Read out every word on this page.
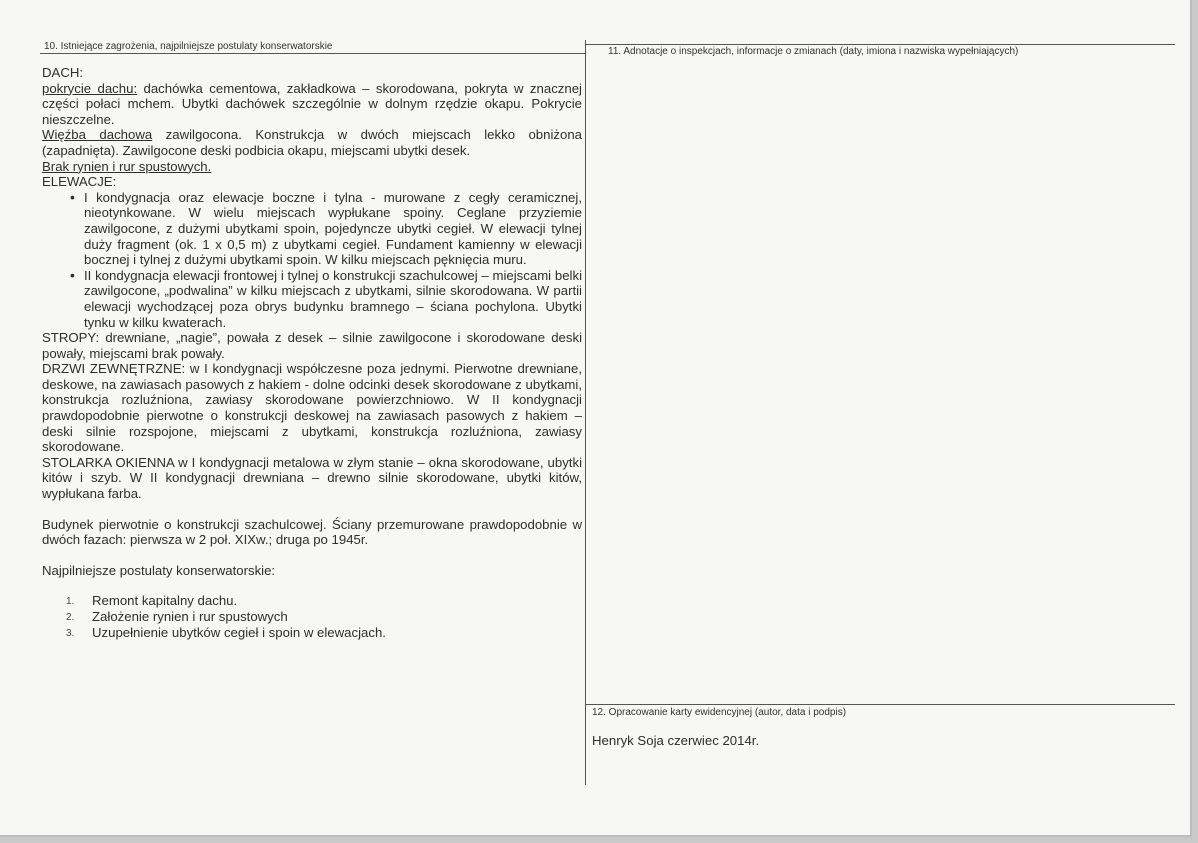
10. Istniejące zagrożenia, najpilniejsze postulaty konserwatorskie	11. Adnotacje o inspekcjach, informacje o zmianach (daty, imiona i nazwiska wypełniających)
12. Opracowanie karty ewidencyjnej (autor, data i podpis)

DACH:

pokrycie dachu: dachówka cementowa, zakładkowa – skorodowana, pokryta w znacznej części połaci mchem. Ubytki dachówek szczególnie w dolnym rzędzie okapu. Pokrycie nieszczelne.

Więźba dachowa zawilgocona. Konstrukcja w dwóch miejscach lekko obniżona (zapadnięta). Zawilgocone deski podbicia okapu, miejscami ubytki desek.

Brak rynien i rur spustowych.

ELEWACJE:

• I kondygnacja oraz elewacje boczne i tylna - murowane z cegły ceramicznej, nieotynkowane. W wielu miejscach wypłukane spoiny. Ceglane przyziemie zawilgocone, z dużymi ubytkami spoin, pojedyncze ubytki cegieł. W elewacji tylnej duży fragment (ok. 1 x 0,5 m) z ubytkami cegieł. Fundament kamienny w elewacji bocznej i tylnej z dużymi ubytkami spoin. W kilku miejscach pęknięcia muru.
• II kondygnacja elewacji frontowej i tylnej o konstrukcji szachulcowej – miejscami belki zawilgocone, „podwalina” w kilku miejscach z ubytkami, silnie skorodowana. W partii elewacji wychodzącej poza obrys budynku bramnego – ściana pochylona. Ubytki tynku w kilku kwaterach.

STROPY: drewniane, „nagie”, powała z desek – silnie zawilgocone i skorodowane deski powały, miejscami brak powały.

DRZWI ZEWNĘTRZNE: w I kondygnacji współczesne poza jednymi. Pierwotne drewniane, deskowe, na zawiasach pasowych z hakiem - dolne odcinki desek skorodowane z ubytkami, konstrukcja rozluźniona, zawiasy skorodowane powierzchniowo. W II kondygnacji prawdopodobnie pierwotne o konstrukcji deskowej na zawiasach pasowych z hakiem – deski silnie rozspojone, miejscami z ubytkami, konstrukcja rozluźniona, zawiasy skorodowane.

STOLARKA OKIENNA w I kondygnacji metalowa w złym stanie – okna skorodowane, ubytki kitów i szyb. W II kondygnacji drewniana – drewno silnie skorodowane, ubytki kitów, wypłukana farba.

Budynek pierwotnie o konstrukcji szachulcowej. Ściany przemurowane prawdopodobnie w dwóch fazach: pierwsza w 2 poł. XIXw.; druga po 1945r.

Najpilniejsze postulaty konserwatorskie:

1. Remont kapitalny dachu.
2. Założenie rynien i rur spustowych
3. Uzupełnienie ubytków cegieł i spoin w elewacjach.
Henryk Soja czerwiec 2014r.
